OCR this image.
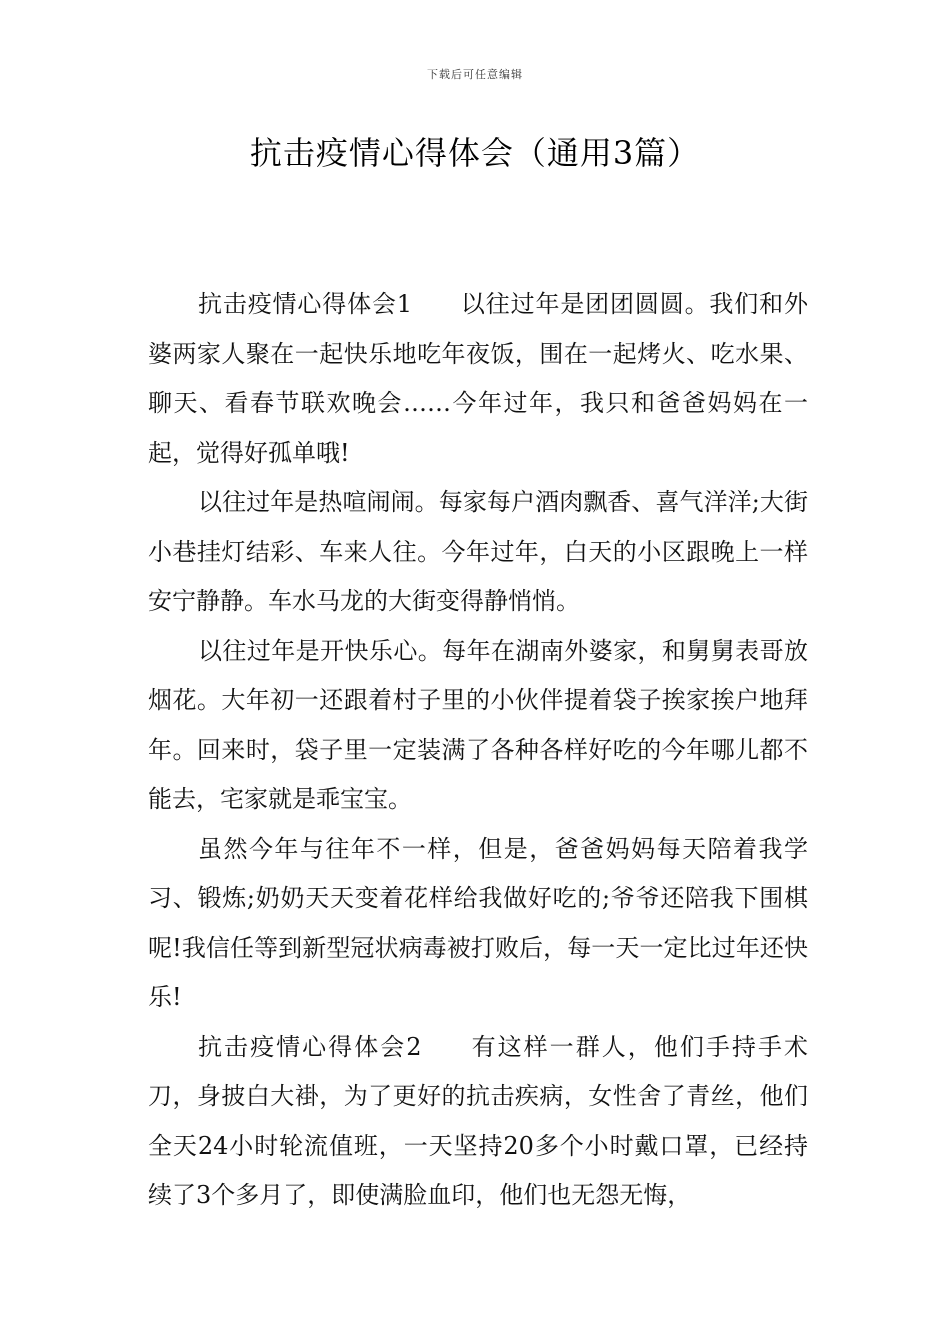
下载后可任意编辑
抗击疫情心得体会（通用3篇）

抗击疫情心得体会1 以往过年是团团圆圆。我们和外婆两家人聚在一起快乐地吃年夜饭，围在一起烤火、吃水果、聊天、看春节联欢晚会……今年过年，我只和爸爸妈妈在一起，觉得好孤单哦!

以往过年是热喧闹闹。每家每户酒肉飘香、喜气洋洋;大街小巷挂灯结彩、车来人往。今年过年，白天的小区跟晚上一样安宁静静。车水马龙的大街变得静悄悄。

以往过年是开快乐心。每年在湖南外婆家，和舅舅表哥放烟花。大年初一还跟着村子里的小伙伴提着袋子挨家挨户地拜年。回来时，袋子里一定装满了各种各样好吃的今年哪儿都不能去，宅家就是乖宝宝。

虽然今年与往年不一样，但是，爸爸妈妈每天陪着我学习、锻炼;奶奶天天变着花样给我做好吃的;爷爷还陪我下围棋呢!我信任等到新型冠状病毒被打败后，每一天一定比过年还快乐!

抗击疫情心得体会2 有这样一群人，他们手持手术刀，身披白大褂，为了更好的抗击疾病，女性舍了青丝，他们全天24小时轮流值班，一天坚持20多个小时戴口罩，已经持续了3个多月了，即使满脸血印，他们也无怨无悔，
